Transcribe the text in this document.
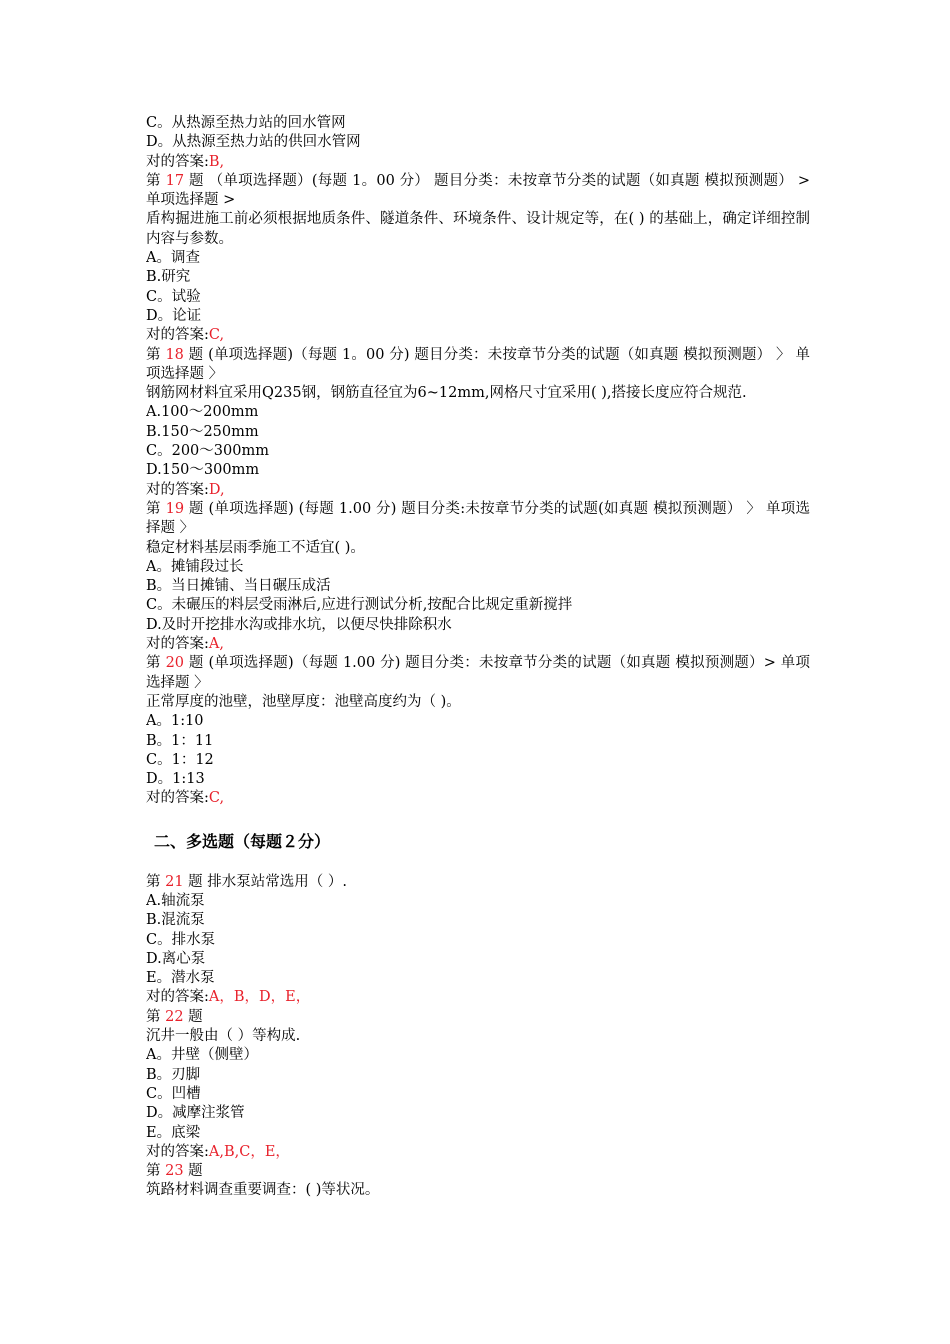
C。从热源至热力站的回水管网
D。从热源至热力站的供回水管网
对的答案:B,
第 17 题 （单项选择题）(每题 1。00 分） 题目分类：未按章节分类的试题（如真题 模拟预测题） > 单项选择题 >
盾构掘进施工前必须根据地质条件、隧道条件、环境条件、设计规定等，在( ) 的基础上，确定详细控制内容与参数。
A。调查
B.研究
C。试验
D。论证
对的答案:C,
第 18 题 (单项选择题)（每题 1。00 分) 题目分类：未按章节分类的试题（如真题 模拟预测题） 〉 单项选择题 〉
钢筋网材料宜采用Q235钢，钢筋直径宜为6~12mm,网格尺寸宜采用( ),搭接长度应符合规范.
A.100～200mm
B.150～250mm
C。200～300mm
D.150～300mm
对的答案:D,
第 19 题 (单项选择题) (每题 1.00 分) 题目分类:未按章节分类的试题(如真题 模拟预测题） 〉 单项选择题 〉
稳定材料基层雨季施工不适宜( )。
A。摊铺段过长
B。当日摊铺、当日碾压成活
C。未碾压的料层受雨淋后,应进行测试分析,按配合比规定重新搅拌
D.及时开挖排水沟或排水坑，以便尽快排除积水
对的答案:A,
第 20 题 (单项选择题)（每题 1.00 分) 题目分类：未按章节分类的试题（如真题 模拟预测题）> 单项选择题 〉
正常厚度的池壁，池壁厚度：池壁高度约为（ )。
A。1:10
B。1：11
C。1：12
D。1:13
对的答案:C,
二、多选题（每题２分）
第 21 题 排水泵站常选用（ ）.
A.轴流泵
B.混流泵
C。排水泵
D.离心泵
E。潜水泵
对的答案:A，B，D，E，
第 22 题
沉井一般由（ ）等构成.
A。井壁（侧壁）
B。刃脚
C。凹槽
D。减摩注浆管
E。底梁
对的答案:A,B,C，E，
第 23 题
筑路材料调查重要调查：( )等状况。
